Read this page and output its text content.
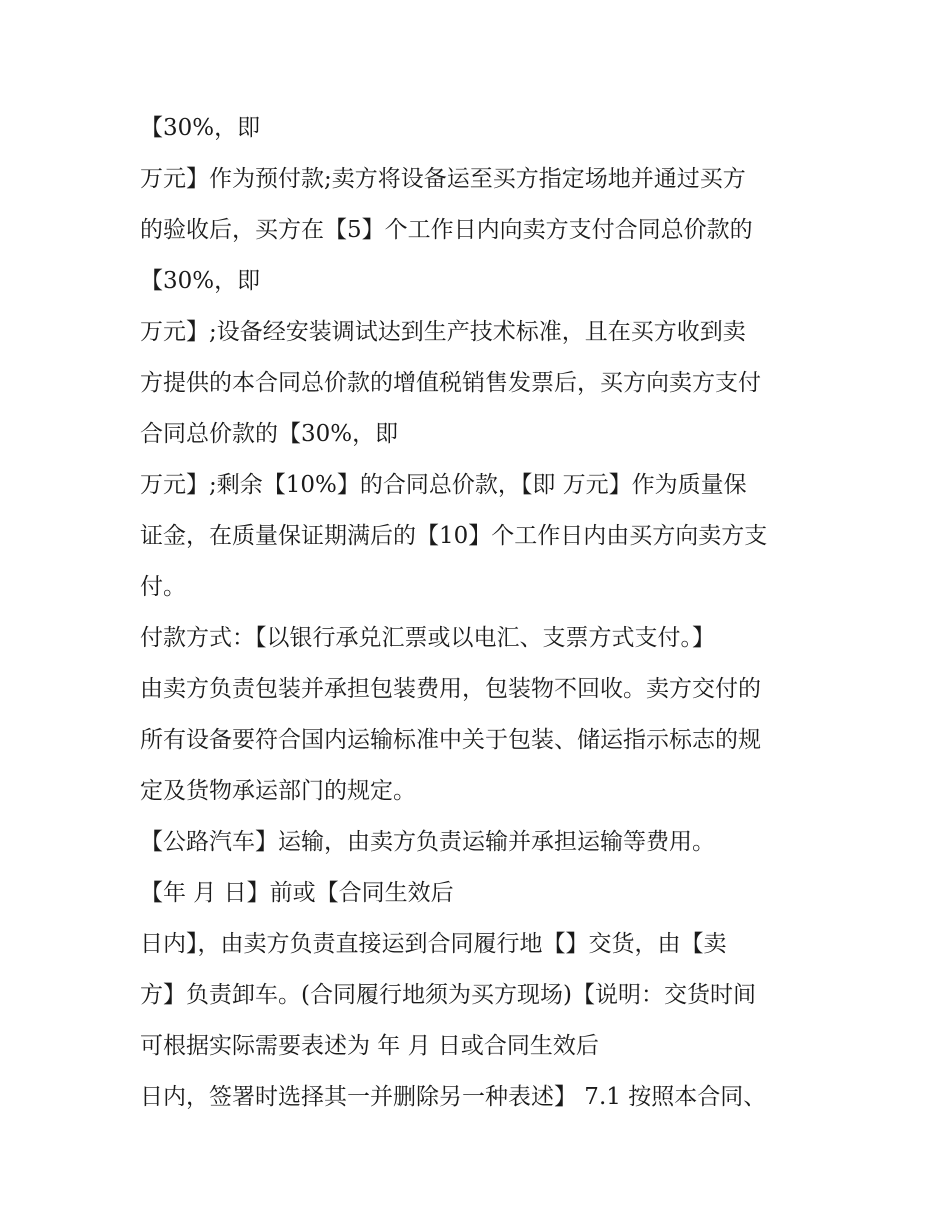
【30%，即
万元】作为预付款;卖方将设备运至买方指定场地并通过买方
的验收后，买方在【5】个工作日内向卖方支付合同总价款的
【30%，即
万元】;设备经安装调试达到生产技术标准，且在买方收到卖
方提供的本合同总价款的增值税销售发票后，买方向卖方支付
合同总价款的【30%，即
万元】;剩余【10%】的合同总价款，【即 万元】作为质量保
证金，在质量保证期满后的【10】个工作日内由买方向卖方支
付。
付款方式：【以银行承兑汇票或以电汇、支票方式支付。】
由卖方负责包装并承担包装费用，包装物不回收。卖方交付的
所有设备要符合国内运输标准中关于包装、储运指示标志的规
定及货物承运部门的规定。
【公路汽车】运输，由卖方负责运输并承担运输等费用。
【年 月 日】前或【合同生效后
日内】，由卖方负责直接运到合同履行地【】交货，由【卖
方】负责卸车。(合同履行地须为买方现场)【说明：交货时间
可根据实际需要表述为 年 月 日或合同生效后
日内，签署时选择其一并删除另一种表述】 7.1 按照本合同、
